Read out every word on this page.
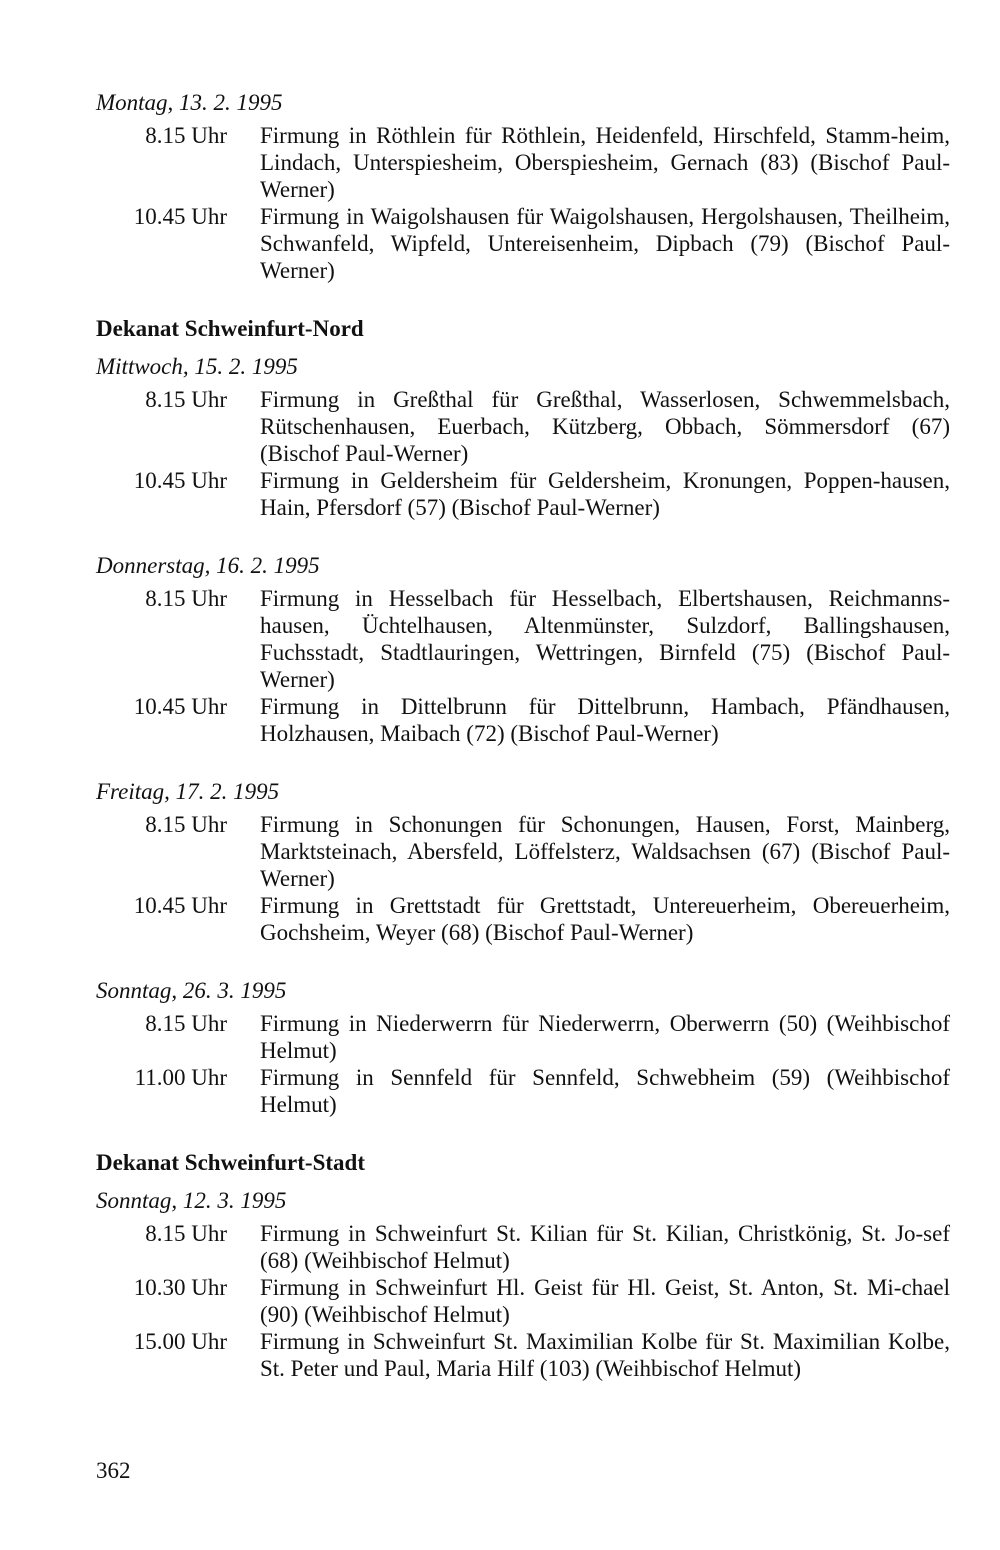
Montag, 13. 2. 1995

8.15 Uhr	Firmung in Röthlein für Röthlein, Heidenfeld, Hirschfeld, Stamm-heim, Lindach, Unterspiesheim, Oberspiesheim, Gernach (83) (Bischof Paul-Werner)
10.45 Uhr	Firmung in Waigolshausen für Waigolshausen, Hergolshausen, Theilheim, Schwanfeld, Wipfeld, Untereisenheim, Dipbach (79) (Bischof Paul-Werner)

Dekanat Schweinfurt-Nord

Mittwoch, 15. 2. 1995

8.15 Uhr	Firmung in Greßthal für Greßthal, Wasserlosen, Schwemmelsbach, Rütschenhausen, Euerbach, Kützberg, Obbach, Sömmersdorf (67) (Bischof Paul-Werner)
10.45 Uhr	Firmung in Geldersheim für Geldersheim, Kronungen, Poppen-hausen, Hain, Pfersdorf (57) (Bischof Paul-Werner)

Donnerstag, 16. 2. 1995

8.15 Uhr	Firmung in Hesselbach für Hesselbach, Elbertshausen, Reichmanns-hausen, Üchtelhausen, Altenmünster, Sulzdorf, Ballingshausen, Fuchsstadt, Stadtlauringen, Wettringen, Birnfeld (75) (Bischof Paul-Werner)
10.45 Uhr	Firmung in Dittelbrunn für Dittelbrunn, Hambach, Pfändhausen, Holzhausen, Maibach (72) (Bischof Paul-Werner)

Freitag, 17. 2. 1995

8.15 Uhr	Firmung in Schonungen für Schonungen, Hausen, Forst, Mainberg, Marktsteinach, Abersfeld, Löffelsterz, Waldsachsen (67) (Bischof Paul-Werner)
10.45 Uhr	Firmung in Grettstadt für Grettstadt, Untereuerheim, Obereuerheim, Gochsheim, Weyer (68) (Bischof Paul-Werner)

Sonntag, 26. 3. 1995

8.15 Uhr	Firmung in Niederwerrn für Niederwerrn, Oberwerrn (50) (Weihbischof Helmut)
11.00 Uhr	Firmung in Sennfeld für Sennfeld, Schwebheim (59) (Weihbischof Helmut)

Dekanat Schweinfurt-Stadt

Sonntag, 12. 3. 1995

8.15 Uhr	Firmung in Schweinfurt St. Kilian für St. Kilian, Christkönig, St. Jo-sef (68) (Weihbischof Helmut)
10.30 Uhr	Firmung in Schweinfurt Hl. Geist für Hl. Geist, St. Anton, St. Mi-chael (90) (Weihbischof Helmut)
15.00 Uhr	Firmung in Schweinfurt St. Maximilian Kolbe für St. Maximilian Kolbe, St. Peter und Paul, Maria Hilf (103) (Weihbischof Helmut)
362
